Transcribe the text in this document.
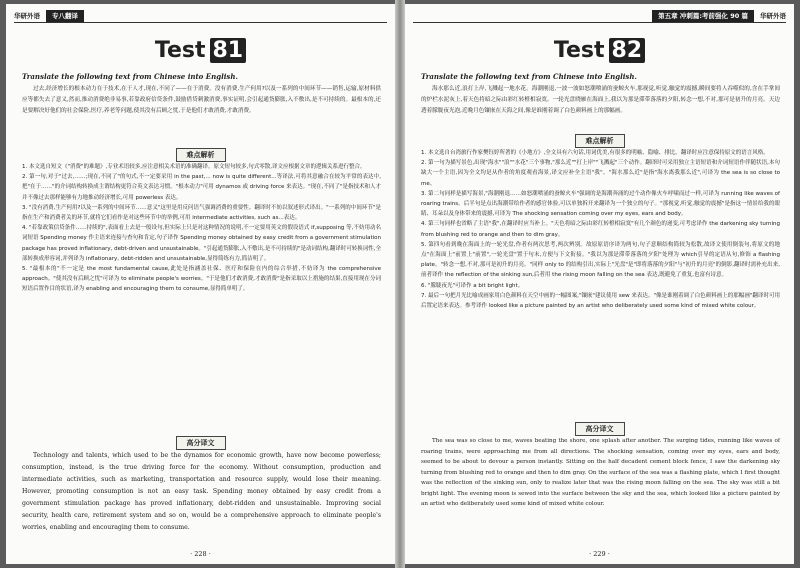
华研外语	专八翻译
Test 81
Translate the following text from Chinese into English.
过去,经济增长的根本动力在于技术,在于人才,现在,不同了——在于消费。没有消费,生产何用?以及一系列的中间环节——销售,运输,原材料供应等都失去了意义,然而,推动消费绝非易事,若靠政府信贷条件,鼓励借贷刺激消费,事实证明,会引起通货膨胀,入不敷出,是不可持续的。最根本的,还是要解决好他们的社会保险,医疗,养老等问题,使其没有后顾之忧,于是他们才敢消费,才敢消费。
难点解析
1. 本文选自短文《"消费"的难题》,专业术语较多,应注意相关术语的准确翻译。原文短句较多,句式零散,译文应根据文章的逻辑关系进行整合。
2. 第一句,对于"过去,……;现在,不同了"的句式,不一定要采用 in the past,... now is quite different...等译法,可将其意融合在较为平常的表达中,把"在于……"的介词结构转换成主谓结构更符合英文表达习惯。"根本动力"可用 dynamos 或 driving force 来表达。"现在,不同了"是指技术和人才并不像过去那样能够有力地推动经济增长,可用 powerless 表达。
3. "没有消费,生产何用?以及一系列的中间环节……意义"这里是用反问语气强调消费的重要性。翻译时不妨以叙述形式译出。"一系列的中间环节"是指在生产和消费者关的环节,就将它们看作是对这些环节中的举例,可用 intermediate activities, such as...表达。
4. "若靠政策信贷条件……持续的",表面看上去是一般设句,但实际上只是对这种情况的说明,不一定要用英文的假设语式 if,supposing 等,不妨用动名词短语 Spending money 作主语来连接与查句和肯定,句子译作 Spending money obtained by easy credit from a government stimulation package has proved inflationary, debt-driven and unsustainable。"引起通货膨胀,入不敷出,是不可持续的"是动词结构,翻译时可转换词性,全部转换成形容词,并列译为 inflationary, debt-ridden and unsustainable,显得简练有力,简洁明了。
5. "最根本的"不一定是 the most fundamental cause,此处是指涵盖社保、医疗和保险在内的综合举措,不妨译为 the comprehensive approach。"使其没有后顾之忧"可译为 to eliminate people's worries。"于是他们才敢消费,才敢消费"是指采取以上措施的结果,直接用现在分词短语后置作目的状语,译为 enabling and encouraging them to consume,显得简单明了。
高分译文
Technology and talents, which used to be the dynamos for economic growth, have now become powerless; consumption, instead, is the true driving force for the economy. Without consumption, production and intermediate activities, such as marketing, transportation and resource supply, would lose their meaning. However, promoting consumption is not an easy task. Spending money obtained by easy credit from a government stimulation package has proved inflationary, debt-ridden and unsustainable. Improving social security, health care, retirement system and so on, would be a comprehensive approach to eliminate people's worries, enabling and encouraging them to consume.
· 228 ·
第五章 冲刺篇:考前强化 90 篇	华研外语
Test 82
Translate the following text from Chinese into English.
海水那么近,浪打上岸,飞溅起一地水花。海潮刚退,一波一波如怒潮喷涌的蚕鲸火车,那视觉,听觉,触觉的震撼,瞬间要将人吞噬似的,含在手掌间的炉栏水泥灰上,着天色将暗之际由彩红转橙相寂寞。一轮光盘晓雁在海面上,我以为那是滞带落落的夕阳,转念一想,不对,那可是初升的月亮。天边透着朦胧夜光泡,近晚月色镶嵌在天海之间,像是谁刚着调了白色颜料画上的那幅画。
难点解析
1. 本文选自台湾旅行作家樊钰婷所著的《小地方》,全文具有六句话,用词优美,有很多的明喻、隐喻、排比。翻译时应注意保持原文的语言风格。
2. 第一句为描写景色,出现"海水""浪""水花"三个事物,"那么近""打上岸""飞溅起"三个动作。翻译时可采用独立主语短语和介词短语作伴随状语,本句缺大一个主语,因为全文均是从作者的角度观看海景,译文应补全主语"我"。"海水那么近"是指"海水离我那么近",可译为 the sea is so close to me。
3. 第二句同样是描写海景,"海潮刚退……如怒潮喷涌的蚕鲸火车"强调的是海潮奔涌的过个动作像火车呼啸而过一样,可译为 running like waves of roaring trains。后半句是点出海潮带给作者的感官体验,可以单独拆开来翻译为一个独立的句子。"那视觉,听觉,触觉的震撼"是指这一情景给我的眼睛、耳朵以及身体带来的震撼,可译为 The shocking sensation coming over my eyes, ears and body。
4. 第三句同样也省略了主语"我",在翻译时应当补上。"天色将暗之际由彩红转橙相寂寞"有几个颜色的递变,可考虑译作 the darkening sky turning from blushing red to orange and then to dim gray。
5. 第四句看到晚在海面上的一轮光盘,作者有两次思考,两次辨别。故原原语序译为两句,句子意顺结构简较为松散,故译文使用倒装句,将原文的地点"在海面上"前置上"前置",一轮光盘"置于句末,方便与下文衔接。"我以为那是滞带落落的夕阳"处理为 which引导的定语从句,修饰 a flashing plate。"转念一想,不对,那可是初升的月亮。"同样 only to 的结构引出,实际上"光盘"是"即将落落的夕阳"与"初升的月亮"的倒影,翻译时需补充出来,前者译作 the reflection of the sinking sun,后者用 the rising moon falling on the sea 表达,既避免了重复,也富有诗意。
6. "朦胧夜光"可译作 a bit bright light。
7. 最后一句把月光比喻成画家用白色颜料在天空中画的一幅图案,"镶嵌"建议使用 sew 来表达。"像是谁刚着调了白色颜料画上的那幅画"翻译时可用后置定语来表达。参考译作 looked like a picture painted by an artist who deliberately used some kind of mixed white colour。
高分译文
The sea was so close to me, waves beating the shore, one splash after another. The surging tides, running like waves of roaring trains, were approaching me from all directions. The shocking sensation, coming over my eyes, ears and body, seemed to be about to devour a person instantly. Sitting on the half decadent cement block fence, I saw the darkening sky turning from blushing red to orange and then to dim gray. On the surface of the sea was a flashing plate, which I first thought was the reflection of the sinking sun, only to realize later that was the rising moon falling on the sea. The sky was still a bit bright light. The evening moon is sewed into the surface between the sky and the sea, which looked like a picture painted by an artist who deliberately used some kind of mixed white colour.
· 229 ·
